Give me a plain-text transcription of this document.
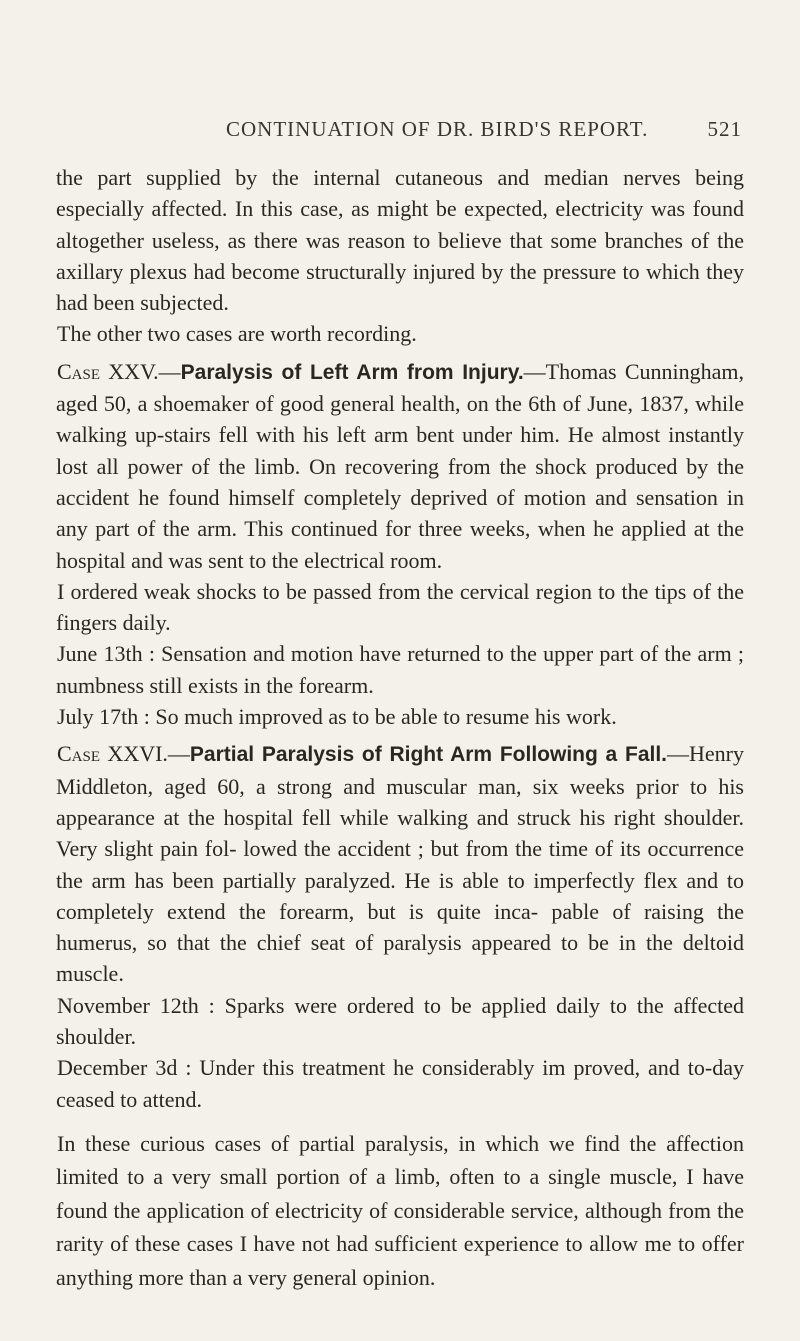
CONTINUATION OF DR. BIRD'S REPORT.	521

the part supplied by the internal cutaneous and median nerves being especially affected. In this case, as might be expected, electricity was found altogether useless, as there was reason to believe that some branches of the axillary plexus had become structurally injured by the pressure to which they had been subjected.

The other two cases are worth recording.

Case XXV.—Paralysis of Left Arm from Injury.—Thomas Cunningham, aged 50, a shoemaker of good general health, on the 6th of June, 1837, while walking up-stairs fell with his left arm bent under him. He almost instantly lost all power of the limb. On recovering from the shock produced by the accident he found himself completely deprived of motion and sensation in any part of the arm. This continued for three weeks, when he applied at the hospital and was sent to the electrical room.

I ordered weak shocks to be passed from the cervical region to the tips of the fingers daily.

June 13th : Sensation and motion have returned to the upper part of the arm ; numbness still exists in the forearm.

July 17th : So much improved as to be able to resume his work.

Case XXVI.—Partial Paralysis of Right Arm Following a Fall.—Henry Middleton, aged 60, a strong and muscular man, six weeks prior to his appearance at the hospital fell while walking and struck his right shoulder. Very slight pain fol- lowed the accident ; but from the time of its occurrence the arm has been partially paralyzed. He is able to imperfectly flex and to completely extend the forearm, but is quite inca- pable of raising the humerus, so that the chief seat of paralysis appeared to be in the deltoid muscle.

November 12th : Sparks were ordered to be applied daily to the affected shoulder.

December 3d : Under this treatment he considerably im proved, and to-day ceased to attend.

In these curious cases of partial paralysis, in which we find the affection limited to a very small portion of a limb, often to a single muscle, I have found the application of electricity of considerable service, although from the rarity of these cases I have not had sufficient experience to allow me to offer anything more than a very general opinion.
